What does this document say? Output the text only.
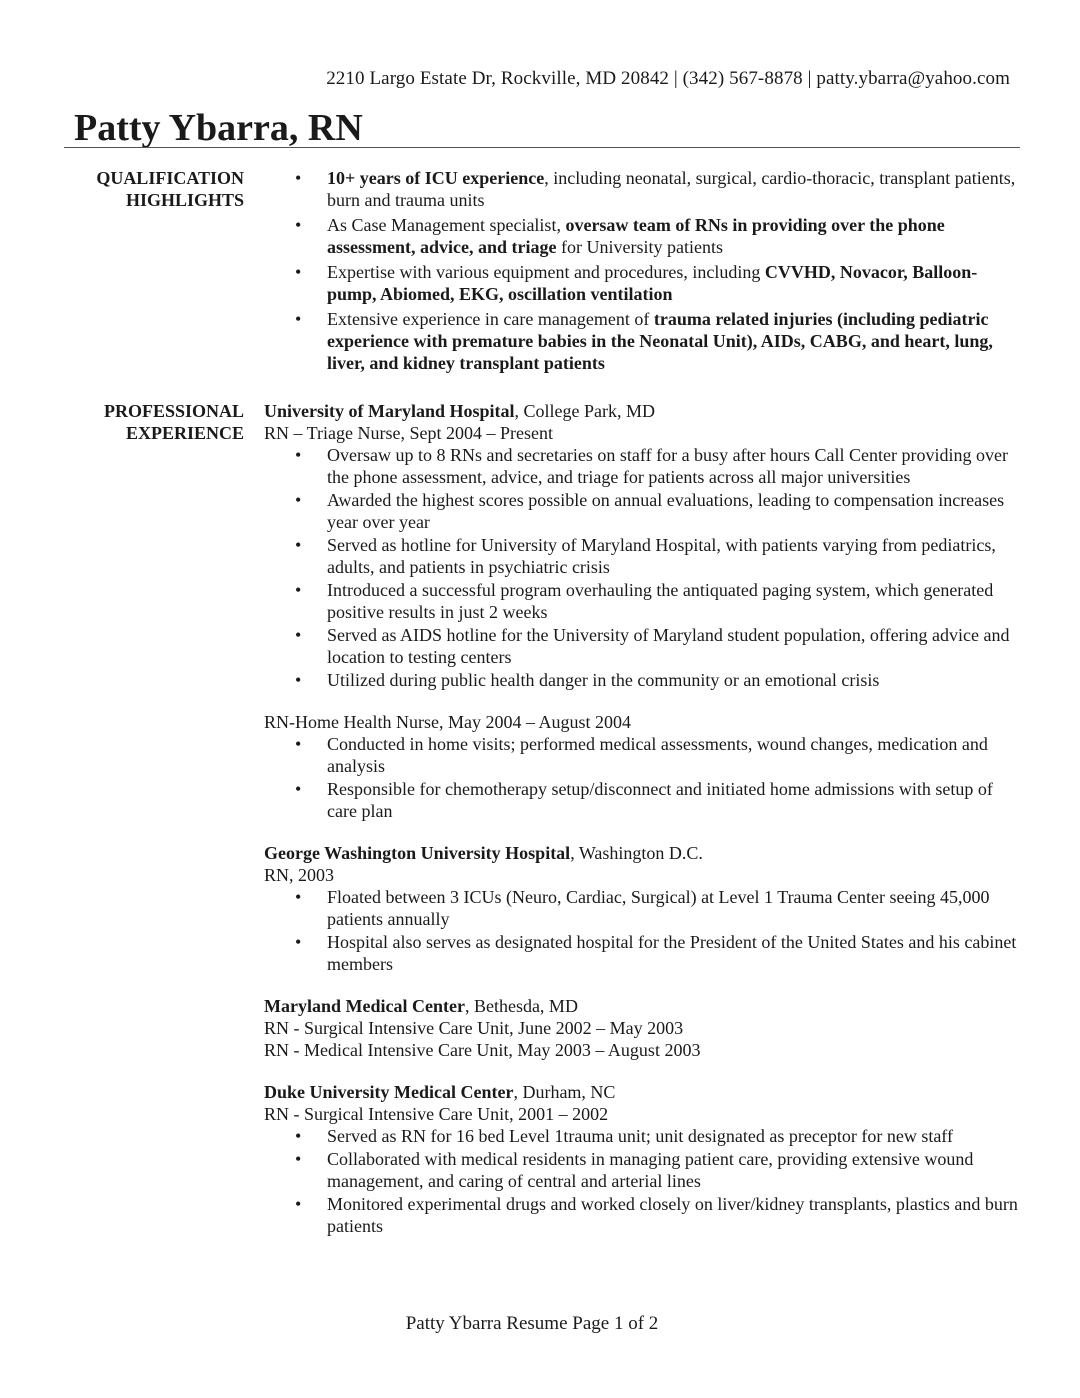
2210 Largo Estate Dr, Rockville, MD 20842 | (342) 567-8878 | patty.ybarra@yahoo.com
Patty Ybarra, RN
QUALIFICATION
HIGHLIGHTS
• 10+ years of ICU experience, including neonatal, surgical, cardio-thoracic, transplant patients, burn and trauma units
• As Case Management specialist, oversaw team of RNs in providing over the phone assessment, advice, and triage for University patients
• Expertise with various equipment and procedures, including CVVHD, Novacor, Balloon-pump, Abiomed, EKG, oscillation ventilation
• Extensive experience in care management of trauma related injuries (including pediatric experience with premature babies in the Neonatal Unit), AIDs, CABG, and heart, lung, liver, and kidney transplant patients
PROFESSIONAL
EXPERIENCE
University of Maryland Hospital, College Park, MD
RN – Triage Nurse, Sept 2004 – Present
• Oversaw up to 8 RNs and secretaries on staff for a busy after hours Call Center providing over the phone assessment, advice, and triage for patients across all major universities
• Awarded the highest scores possible on annual evaluations, leading to compensation increases year over year
• Served as hotline for University of Maryland Hospital, with patients varying from pediatrics, adults, and patients in psychiatric crisis
• Introduced a successful program overhauling the antiquated paging system, which generated positive results in just 2 weeks
• Served as AIDS hotline for the University of Maryland student population, offering advice and location to testing centers
• Utilized during public health danger in the community or an emotional crisis
RN-Home Health Nurse, May 2004 – August 2004
• Conducted in home visits; performed medical assessments, wound changes, medication and analysis
• Responsible for chemotherapy setup/disconnect and initiated home admissions with setup of care plan
George Washington University Hospital, Washington D.C.
RN, 2003
• Floated between 3 ICUs (Neuro, Cardiac, Surgical) at Level 1 Trauma Center seeing 45,000 patients annually
• Hospital also serves as designated hospital for the President of the United States and his cabinet members
Maryland Medical Center, Bethesda, MD
RN - Surgical Intensive Care Unit, June 2002 – May 2003
RN - Medical Intensive Care Unit, May 2003 – August 2003
Duke University Medical Center, Durham, NC
RN - Surgical Intensive Care Unit, 2001 – 2002
• Served as RN for 16 bed Level 1trauma unit; unit designated as preceptor for new staff
• Collaborated with medical residents in managing patient care, providing extensive wound management, and caring of central and arterial lines
• Monitored experimental drugs and worked closely on liver/kidney transplants, plastics and burn patients
Patty Ybarra Resume Page 1 of 2
